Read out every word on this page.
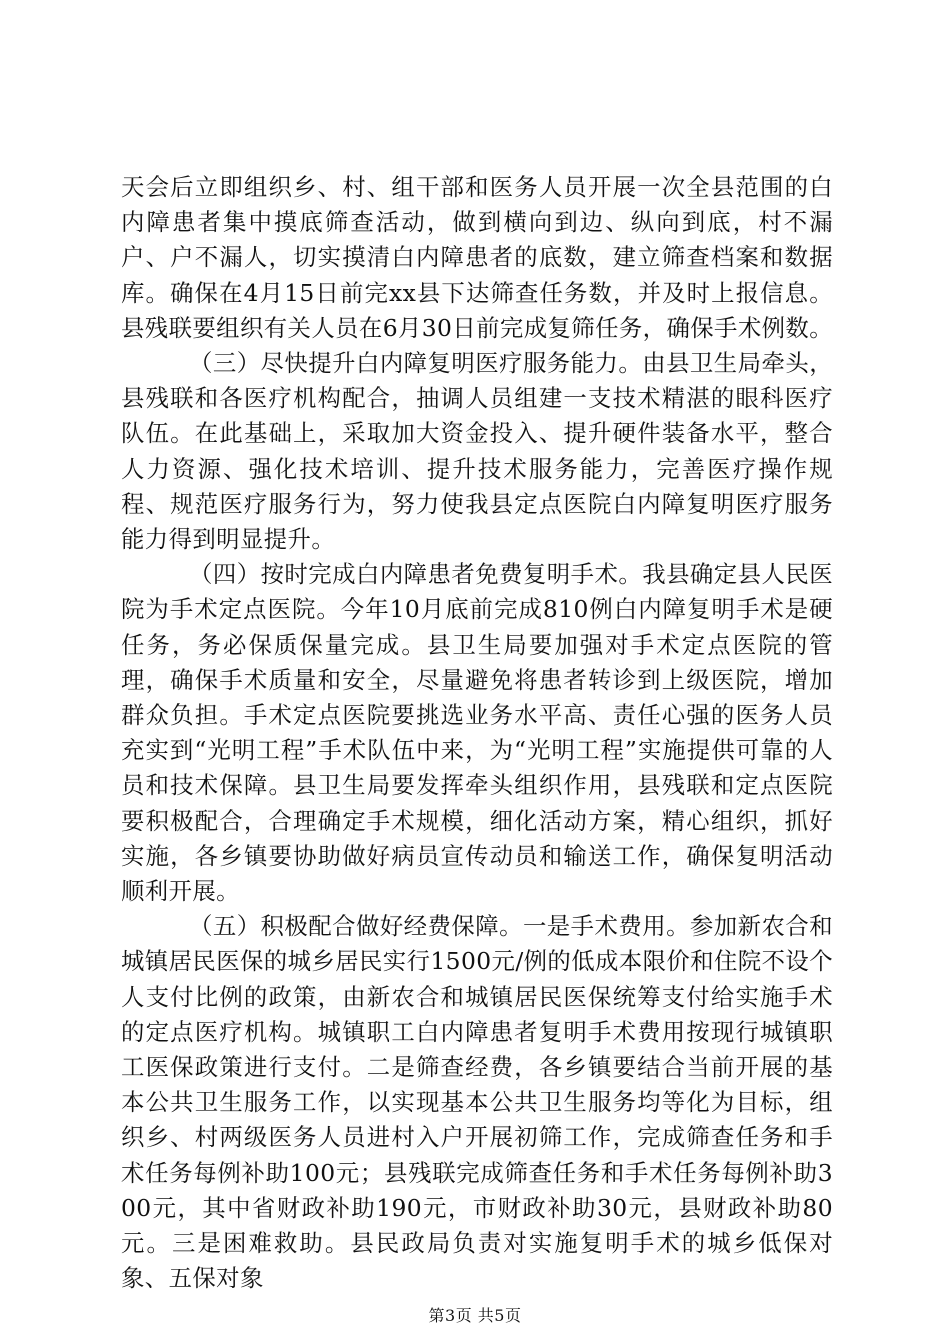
天会后立即组织乡、村、组干部和医务人员开展一次全县范围的白内障患者集中摸底筛查活动，做到横向到边、纵向到底，村不漏户、户不漏人，切实摸清白内障患者的底数，建立筛查档案和数据库。确保在4月15日前完xx县下达筛查任务数，并及时上报信息。县残联要组织有关人员在6月30日前完成复筛任务，确保手术例数。

（三）尽快提升白内障复明医疗服务能力。由县卫生局牵头，县残联和各医疗机构配合，抽调人员组建一支技术精湛的眼科医疗队伍。在此基础上，采取加大资金投入、提升硬件装备水平，整合人力资源、强化技术培训、提升技术服务能力，完善医疗操作规程、规范医疗服务行为，努力使我县定点医院白内障复明医疗服务能力得到明显提升。

（四）按时完成白内障患者免费复明手术。我县确定县人民医院为手术定点医院。今年10月底前完成810例白内障复明手术是硬任务，务必保质保量完成。县卫生局要加强对手术定点医院的管理，确保手术质量和安全，尽量避免将患者转诊到上级医院，增加群众负担。手术定点医院要挑选业务水平高、责任心强的医务人员充实到“光明工程”手术队伍中来，为“光明工程”实施提供可靠的人员和技术保障。县卫生局要发挥牵头组织作用，县残联和定点医院要积极配合，合理确定手术规模，细化活动方案，精心组织，抓好实施，各乡镇要协助做好病员宣传动员和输送工作，确保复明活动顺利开展。

（五）积极配合做好经费保障。一是手术费用。参加新农合和城镇居民医保的城乡居民实行1500元/例的低成本限价和住院不设个人支付比例的政策，由新农合和城镇居民医保统筹支付给实施手术的定点医疗机构。城镇职工白内障患者复明手术费用按现行城镇职工医保政策进行支付。二是筛查经费，各乡镇要结合当前开展的基本公共卫生服务工作，以实现基本公共卫生服务均等化为目标，组织乡、村两级医务人员进村入户开展初筛工作，完成筛查任务和手术任务每例补助100元；县残联完成筛查任务和手术任务每例补助300元，其中省财政补助190元，市财政补助30元，县财政补助80元。三是困难救助。县民政局负责对实施复明手术的城乡低保对象、五保对象

第3页 共5页
